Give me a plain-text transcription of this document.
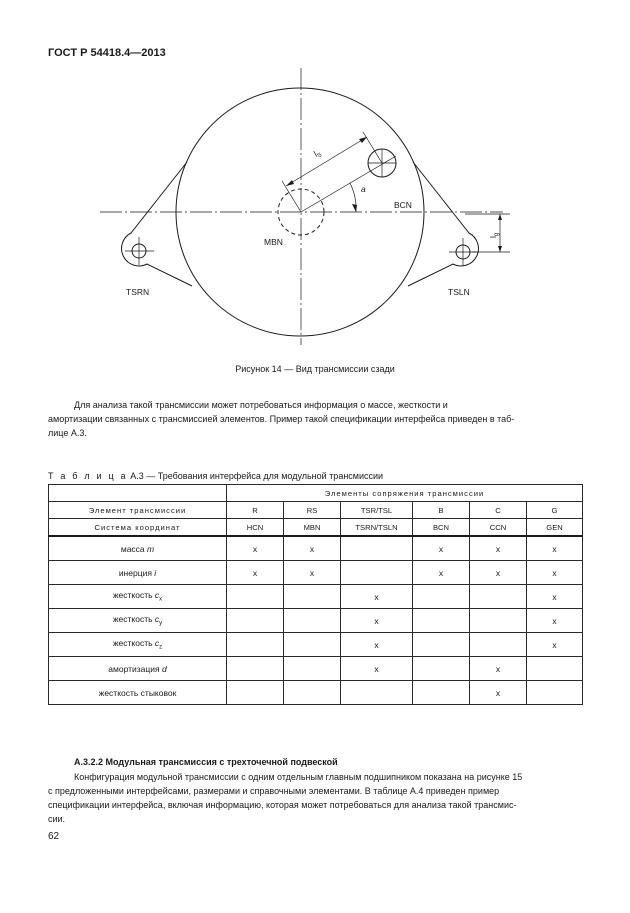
ГОСТ Р 54418.4—2013
$l_S$
a
BCN
MBN
TSRN	TSLN
$l_g$
Рисунок 14 — Вид трансмиссии сзади
Для анализа такой трансмиссии может потребоваться информация о массе, жесткости и
амортизации связанных с трансмиссией элементов. Пример такой спецификации интерфейса приведен в таб-
лице А.3.
Т а б л и ц а А.3 — Требования интерфейса для модульной трансмиссии
	Элементы сопряжения трансмиссии					
Элемент трансмиссии	R	RS	TSR/TSL	B	C	G
Система координат	HCN	MBN	TSRN/TSLN	BCN	CCN	GEN
масса m	x	x		x	x	x
инерция i	x	x		x	x	x
жесткость $c_x$			x			x
жесткость $c_y$			x			x
жесткость $c_z$			x			x
амортизация d			x		x	
жесткость стыковок					x	
А.3.2.2 Модульная трансмиссия с трехточечной подвеской
Конфигурация модульной трансмиссии с одним отдельным главным подшипником показана на рисунке 15
с предложенными интерфейсами, размерами и справочными элементами. В таблице А.4 приведен пример
спецификации интерфейса, включая информацию, которая может потребоваться для анализа такой трансмис-
сии.
62
